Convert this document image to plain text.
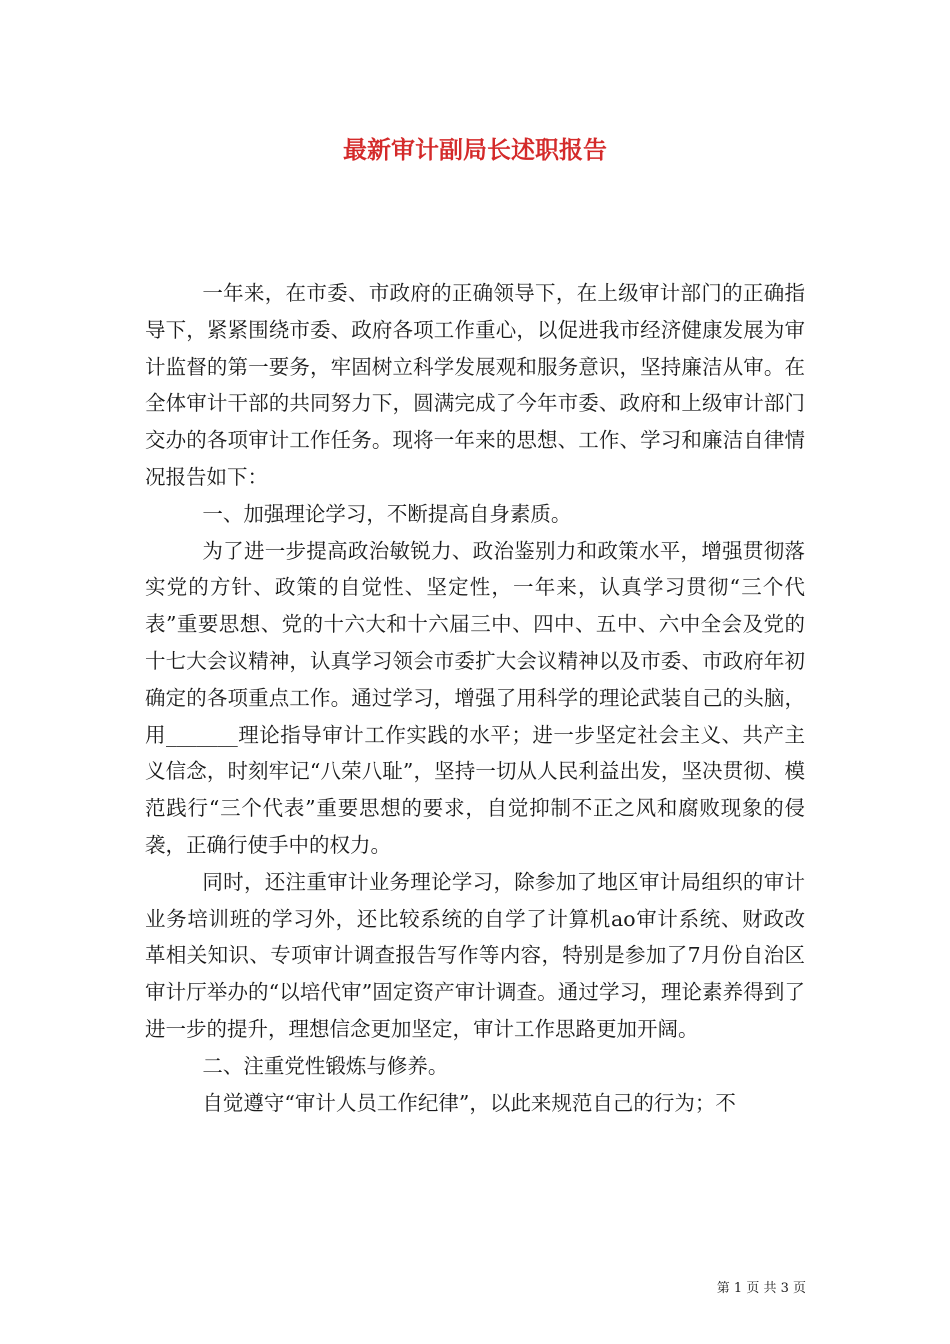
最新审计副局长述职报告

一年来，在市委、市政府的正确领导下，在上级审计部门的正确指导下，紧紧围绕市委、政府各项工作重心，以促进我市经济健康发展为审计监督的第一要务，牢固树立科学发展观和服务意识，坚持廉洁从审。在全体审计干部的共同努力下，圆满完成了今年市委、政府和上级审计部门交办的各项审计工作任务。现将一年来的思想、工作、学习和廉洁自律情况报告如下：

一、加强理论学习，不断提高自身素质。

为了进一步提高政治敏锐力、政治鉴别力和政策水平，增强贯彻落实党的方针、政策的自觉性、坚定性，一年来，认真学习贯彻“三个代表”重要思想、党的十六大和十六届三中、四中、五中、六中全会及党的十七大会议精神，认真学习领会市委扩大会议精神以及市委、市政府年初确定的各项重点工作。通过学习，增强了用科学的理论武装自己的头脑，用_______理论指导审计工作实践的水平；进一步坚定社会主义、共产主义信念，时刻牢记“八荣八耻”，坚持一切从人民利益出发，坚决贯彻、模范践行“三个代表”重要思想的要求，自觉抑制不正之风和腐败现象的侵袭，正确行使手中的权力。

同时，还注重审计业务理论学习，除参加了地区审计局组织的审计业务培训班的学习外，还比较系统的自学了计算机ao审计系统、财政改革相关知识、专项审计调查报告写作等内容，特别是参加了7月份自治区审计厅举办的“以培代审”固定资产审计调查。通过学习，理论素养得到了进一步的提升，理想信念更加坚定，审计工作思路更加开阔。

二、注重党性锻炼与修养。

自觉遵守“审计人员工作纪律”，以此来规范自己的行为；不

第 1 页 共 3 页
